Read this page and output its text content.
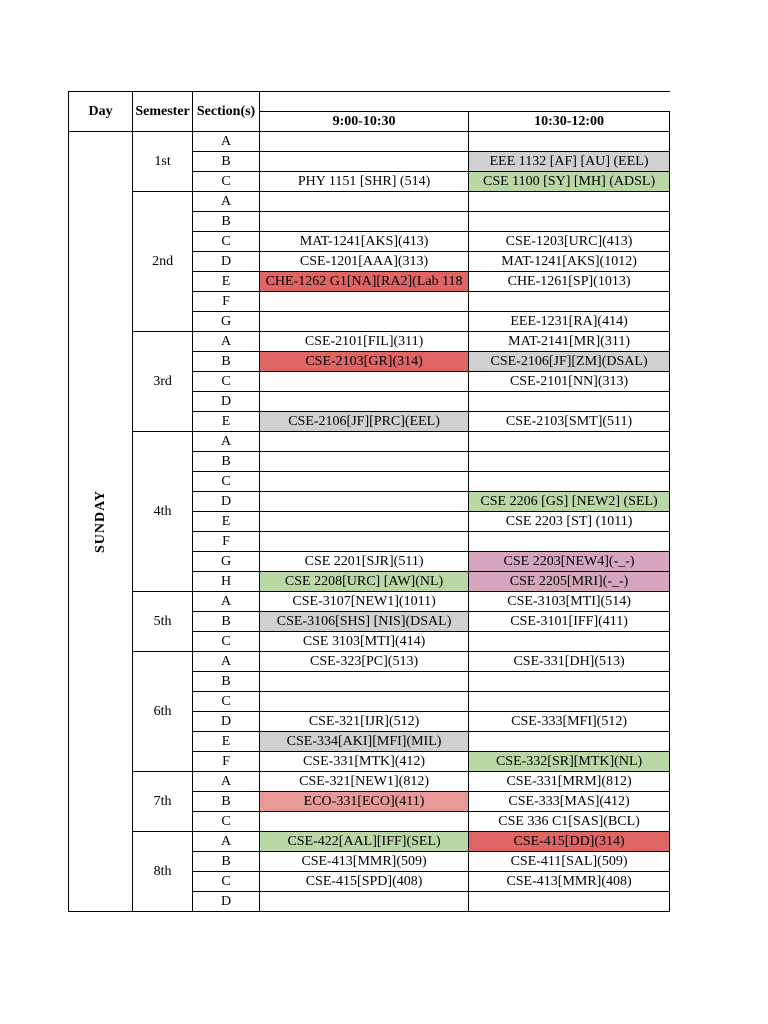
Day	Semester	Section(s)		
			9:00-10:30	10:30-12:00
SUNDAY	1st	A	

		B		EEE 1132 [AF] [AU] (EEL)

		C	PHY 1151 [SHR] (514)	CSE 1100 [SY] [MH] (ADSL)

	2nd	A	

		B	

		C	MAT-1241[AKS](413)	CSE-1203[URC](413)

		D	CSE-1201[AAA](313)	MAT-1241[AKS](1012)

		E	CHE-1262 G1[NA][RA2](Lab 118	CHE-1261[SP](1013)

		F	

		G		EEE-1231[RA](414)

	3rd	A	CSE-2101[FIL](311)	MAT-2141[MR](311)

		B	CSE-2103[GR](314)	CSE-2106[JF][ZM](DSAL)

		C		CSE-2101[NN](313)

		D	

		E	CSE-2106[JF][PRC](EEL)	CSE-2103[SMT](511)

	4th	A	

		B	

		C	

		D		CSE 2206 [GS] [NEW2] (SEL)

		E		CSE 2203 [ST] (1011)

		F	

		G	CSE 2201[SJR](511)	CSE 2203[NEW4](-_-)

		H	CSE 2208[URC] [AW](NL)	CSE 2205[MRI](-_-)

	5th	A	CSE-3107[NEW1](1011)	CSE-3103[MTI](514)

		B	CSE-3106[SHS] [NIS](DSAL)	CSE-3101[IFF](411)

		C	CSE 3103[MTI](414)	

	6th	A	CSE-323[PC](513)	CSE-331[DH](513)

		B	

		C	

		D	CSE-321[IJR](512)	CSE-333[MFI](512)

		E	CSE-334[AKI][MFI](MIL)	

		F	CSE-331[MTK](412)	CSE-332[SR][MTK](NL)

	7th	A	CSE-321[NEW1](812)	CSE-331[MRM](812)

		B	ECO-331[ECO](411)	CSE-333[MAS](412)

		C		CSE 336 C1[SAS](BCL)

	8th	A	CSE-422[AAL][IFF](SEL)	CSE-415[DD](314)

		B	CSE-413[MMR](509)	CSE-411[SAL](509)

		C	CSE-415[SPD](408)	CSE-413[MMR](408)

		D	
